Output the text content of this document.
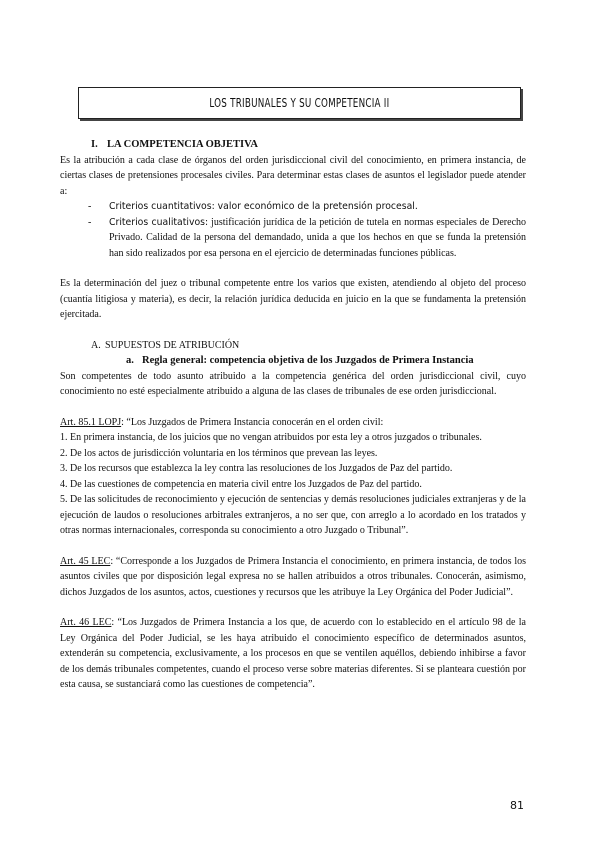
LOS TRIBUNALES Y SU COMPETENCIA II

I. LA COMPETENCIA OBJETIVA

Es la atribución a cada clase de órganos del orden jurisdiccional civil del conocimiento, en primera instancia, de ciertas clases de pretensiones procesales civiles. Para determinar estas clases de asuntos el legislador puede atender a:

- Criterios cuantitativos: valor económico de la pretensión procesal.
- Criterios cualitativos: justificación jurídica de la petición de tutela en normas especiales de Derecho Privado. Calidad de la persona del demandado, unida a que los hechos en que se funda la pretensión han sido realizados por esa persona en el ejercicio de determinadas funciones públicas.

Es la determinación del juez o tribunal competente entre los varios que existen, atendiendo al objeto del proceso (cuantía litigiosa y materia), es decir, la relación jurídica deducida en juicio en la que se fundamenta la pretensión ejercitada.

A. SUPUESTOS DE ATRIBUCIÓN

a. Regla general: competencia objetiva de los Juzgados de Primera Instancia

Son competentes de todo asunto atribuido a la competencia genérica del orden jurisdiccional civil, cuyo conocimiento no esté especialmente atribuido a alguna de las clases de tribunales de ese orden jurisdiccional.

Art. 85.1 LOPJ: “Los Juzgados de Primera Instancia conocerán en el orden civil:

1. En primera instancia, de los juicios que no vengan atribuidos por esta ley a otros juzgados o tribunales.

2. De los actos de jurisdicción voluntaria en los términos que prevean las leyes.

3. De los recursos que establezca la ley contra las resoluciones de los Juzgados de Paz del partido.

4. De las cuestiones de competencia en materia civil entre los Juzgados de Paz del partido.

5. De las solicitudes de reconocimiento y ejecución de sentencias y demás resoluciones judiciales extranjeras y de la ejecución de laudos o resoluciones arbitrales extranjeros, a no ser que, con arreglo a lo acordado en los tratados y otras normas internacionales, corresponda su conocimiento a otro Juzgado o Tribunal”.

Art. 45 LEC: “Corresponde a los Juzgados de Primera Instancia el conocimiento, en primera instancia, de todos los asuntos civiles que por disposición legal expresa no se hallen atribuidos a otros tribunales. Conocerán, asimismo, dichos Juzgados de los asuntos, actos, cuestiones y recursos que les atribuye la Ley Orgánica del Poder Judicial”.

Art. 46 LEC: “Los Juzgados de Primera Instancia a los que, de acuerdo con lo establecido en el artículo 98 de la Ley Orgánica del Poder Judicial, se les haya atribuido el conocimiento específico de determinados asuntos, extenderán su competencia, exclusivamente, a los procesos en que se ventilen aquéllos, debiendo inhibirse a favor de los demás tribunales competentes, cuando el proceso verse sobre materias diferentes. Si se planteara cuestión por esta causa, se sustanciará como las cuestiones de competencia”.

81
